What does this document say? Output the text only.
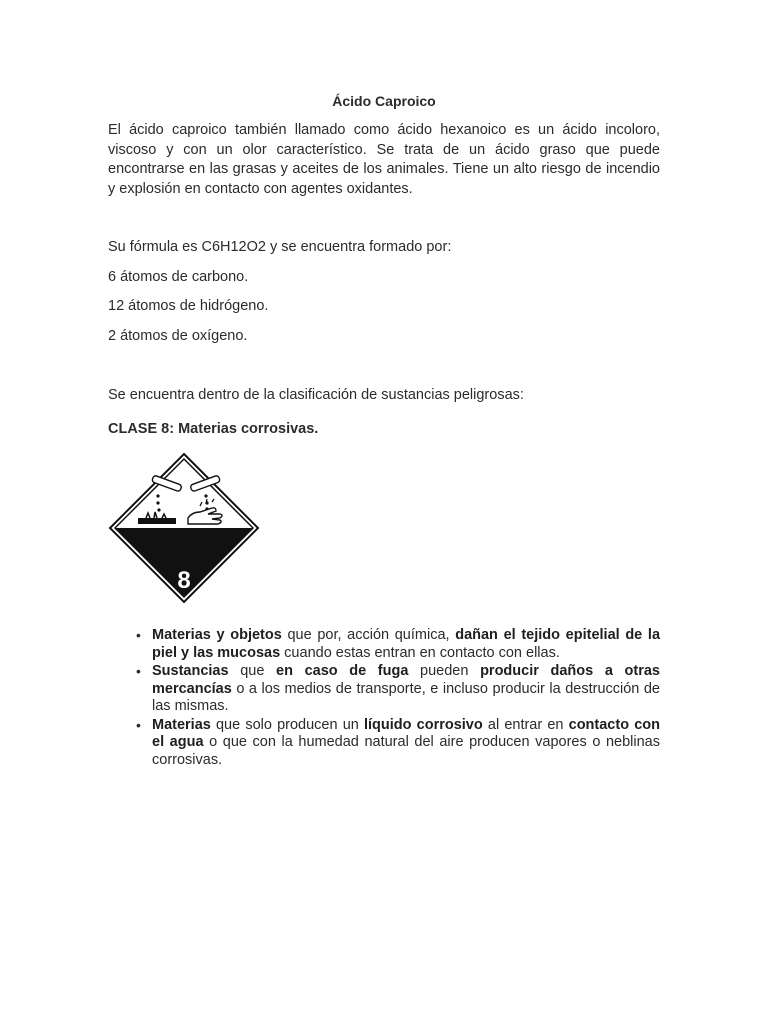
Ácido Caproico

El ácido caproico también llamado como ácido hexanoico es un ácido incoloro, viscoso y con un olor característico. Se trata de un ácido graso que puede encontrarse en las grasas y aceites de los animales. Tiene un alto riesgo de incendio y explosión en contacto con agentes oxidantes.

Su fórmula es C6H12O2 y se encuentra formado por:

6 átomos de carbono.

12 átomos de hidrógeno.

2 átomos de oxígeno.

Se encuentra dentro de la clasificación de sustancias peligrosas:

CLASE 8: Materias corrosivas.

8
• Materias y objetos que por, acción química, dañan el tejido epitelial de la piel y las mucosas cuando estas entran en contacto con ellas.
• Sustancias que en caso de fuga pueden producir daños a otras mercancías o a los medios de transporte, e incluso producir la destrucción de las mismas.
• Materias que solo producen un líquido corrosivo al entrar en contacto con el agua o que con la humedad natural del aire producen vapores o neblinas corrosivas.
